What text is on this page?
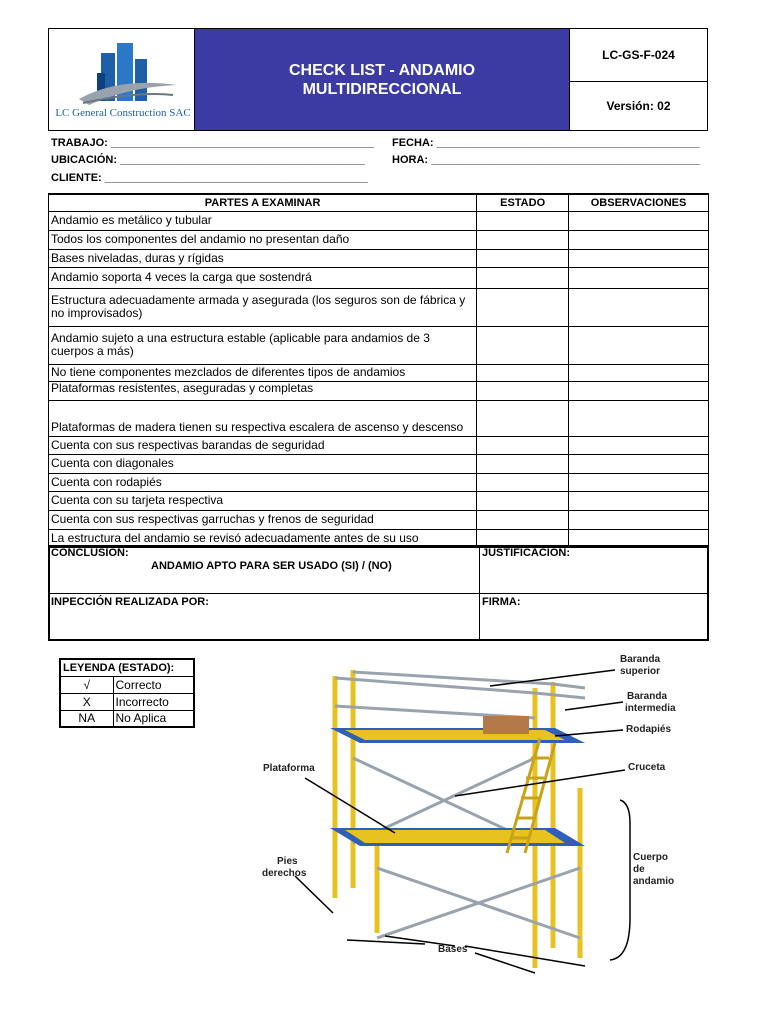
LC General Construction SAC
CHECK LIST - ANDAMIO
MULTIDIRECCIONAL
LC-GS-F-024
Versión: 02
TRABAJO: ___________________________________________
UBICACIÓN: ________________________________________
CLIENTE: ___________________________________________
FECHA: ___________________________________________
HORA: ____________________________________________
PARTES A EXAMINAR	ESTADO	OBSERVACIONES
Andamio es metálico y tubular		
Todos los componentes del andamio no presentan daño		
Bases niveladas, duras y rígidas		
Andamio soporta 4 veces la carga que sostendrá		
Estructura adecuadamente armada y asegurada (los seguros son de fábrica y no improvisados)		
Andamio sujeto a una estructura estable (aplicable para andamios de 3 cuerpos a más)		
No tiene componentes mezclados de diferentes tipos de andamios		
Plataformas resistentes, aseguradas y completas		
Plataformas de madera tienen su respectiva escalera de ascenso y descenso		
Cuenta con sus respectivas barandas de seguridad		
Cuenta con diagonales		
Cuenta con rodapiés		
Cuenta con su tarjeta respectiva		
Cuenta con sus respectivas garruchas y frenos de seguridad		
La estructura del andamio se revisó adecuadamente antes de su uso		
CONCLUSIÓN:
ANDAMIO APTO PARA SER USADO (SI) / (NO)
JUSTIFICACIÓN:
INPECCIÓN REALIZADA POR:	FIRMA:
LEYENDA (ESTADO):	
√	Correcto
X	Incorrecto
NA	No Aplica
Baranda
superior
Baranda
intermedia
Rodapiés
Cruceta
Plataforma
Pies
derechos
Cuerpo
de
andamio
Bases
